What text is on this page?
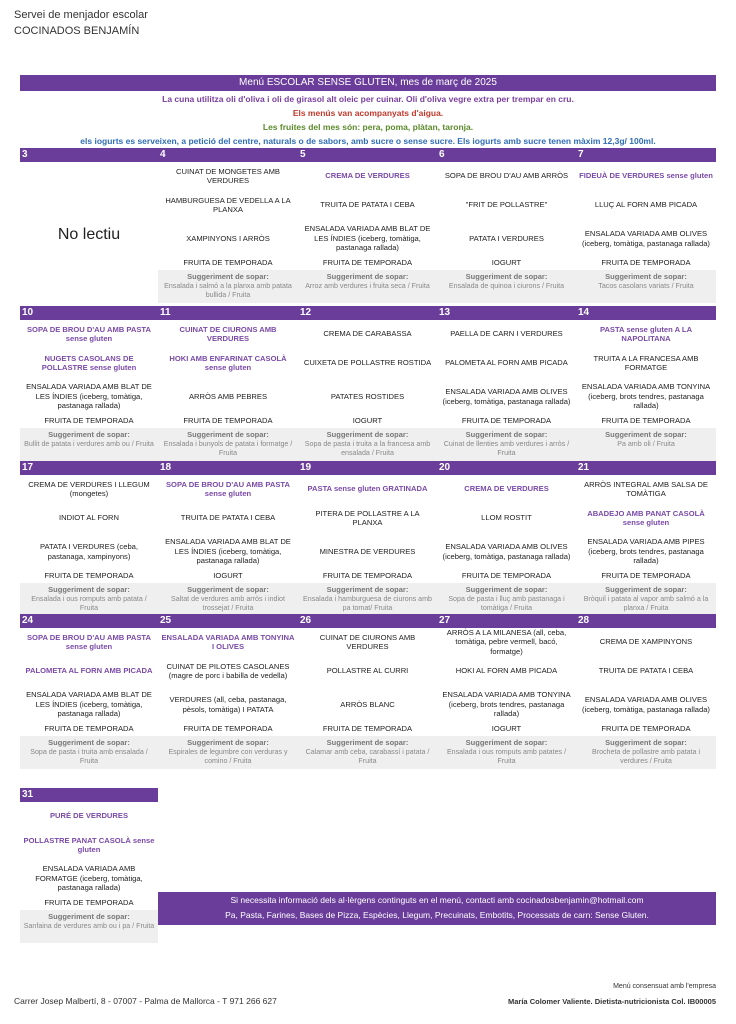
Servei de menjador escolar
COCINADOS BENJAMÍN
Menú ESCOLAR SENSE GLUTEN, mes de març de 2025
La cuna utilitza oli d'oliva i oli de girasol alt oleic per cuinar. Oli d'oliva vegre extra per trempar en cru.
Els menús van acompanyats d'aigua.
Les fruites del mes són: pera, poma, plàtan, taronja.
els iogurts es serveixen, a petició del centre, naturals o de sabors, amb sucre o sense sucre. Els iogurts amb sucre tenen màxim 12,3g/ 100ml.
3
No lectiu
4
CUINAT DE MONGETES AMB VERDURES
HAMBURGUESA DE VEDELLA A LA PLANXA
XAMPINYONS I ARRÒS
FRUITA DE TEMPORADA
Suggeriment de sopar:
Ensalada i salmó a la planxa amb patata bullida / Fruita
5
CREMA DE VERDURES
TRUITA DE PATATA I CEBA
ENSALADA VARIADA AMB BLAT DE LES ÍNDIES (iceberg, tomàtiga, pastanaga rallada)
FRUITA DE TEMPORADA
Suggeriment de sopar:
Arroz amb verdures i fruita seca / Fruita
6
SOPA DE BROU D'AU AMB ARRÒS
"FRIT DE POLLASTRE"
PATATA I VERDURES
IOGURT
Suggeriment de sopar:
Ensalada de quinoa i ciurons / Fruita
7
FIDEUÀ DE VERDURES sense gluten
LLUÇ AL FORN AMB PICADA
ENSALADA VARIADA AMB OLIVES (iceberg, tomàtiga, pastanaga rallada)
FRUITA DE TEMPORADA
Suggeriment de sopar:
Tacos casolans variats / Fruita
10
SOPA DE BROU D'AU AMB PASTA sense gluten
NUGETS CASOLANS DE POLLASTRE sense gluten
ENSALADA VARIADA AMB BLAT DE LES ÍNDIES (iceberg, tomàtiga, pastanaga rallada)
FRUITA DE TEMPORADA
Suggeriment de sopar:
Bullit de patata i verdures amb ou / Fruita
11
CUINAT DE CIURONS AMB VERDURES
HOKI AMB ENFARINAT CASOLÀ sense gluten
ARRÒS AMB PEBRES
FRUITA DE TEMPORADA
Suggeriment de sopar:
Ensalada i bunyols de patata i formatge / Fruita
12
CREMA DE CARABASSA
CUIXETA DE POLLASTRE ROSTIDA
PATATES ROSTIDES
IOGURT
Suggeriment de sopar:
Sopa de pasta i truita a la francesa amb ensalada / Fruita
13
PAELLA DE CARN I VERDURES
PALOMETA AL FORN AMB PICADA
ENSALADA VARIADA AMB OLIVES (iceberg, tomàtiga, pastanaga rallada)
FRUITA DE TEMPORADA
Suggeriment de sopar:
Cuinat de llenties amb verdures i arròs / Fruita
14
PASTA sense gluten A LA NAPOLITANA
TRUITA A LA FRANCESA AMB FORMATGE
ENSALADA VARIADA AMB TONYINA (iceberg, brots tendres, pastanaga rallada)
FRUITA DE TEMPORADA
Suggeriment de sopar:
Pa amb oli / Fruita
17
CREMA DE VERDURES I LLEGUM (mongetes)
INDIOT AL FORN
PATATA I VERDURES (ceba, pastanaga, xampinyons)
FRUITA DE TEMPORADA
Suggeriment de sopar:
Ensalada i ous romputs amb patata / Fruita
18
SOPA DE BROU D'AU AMB PASTA sense gluten
TRUITA DE PATATA I CEBA
ENSALADA VARIADA AMB BLAT DE LES ÍNDIES (iceberg, tomàtiga, pastanaga rallada)
IOGURT
Suggeriment de sopar:
Saltat de verdures amb arròs i indiot trossejat / Fruita
19
PASTA sense gluten GRATINADA
PITERA DE POLLASTRE A LA PLANXA
MINESTRA DE VERDURES
FRUITA DE TEMPORADA
Suggeriment de sopar:
Ensalada i hamburguesa de ciurons amb pa tomat/ Fruita
20
CREMA DE VERDURES
LLOM ROSTIT
ENSALADA VARIADA AMB OLIVES (iceberg, tomàtiga, pastanaga rallada)
FRUITA DE TEMPORADA
Suggeriment de sopar:
Sopa de pasta i lluç amb pastanaga i tomàtiga / Fruita
21
ARRÒS INTEGRAL AMB SALSA DE TOMÀTIGA
ABADEJO AMB PANAT CASOLÀ sense gluten
ENSALADA VARIADA AMB PIPES (iceberg, brots tendres, pastanaga rallada)
FRUITA DE TEMPORADA
Suggeriment de sopar:
Bròquil i patata al vapor amb salmó a la planxa / Fruita
24
SOPA DE BROU D'AU AMB PASTA sense gluten
PALOMETA AL FORN AMB PICADA
ENSALADA VARIADA AMB BLAT DE LES ÍNDIES (iceberg, tomàtiga, pastanaga rallada)
FRUITA DE TEMPORADA
Suggeriment de sopar:
Sopa de pasta i truita amb ensalada / Fruita
25
ENSALADA VARIADA AMB TONYINA I OLIVES
CUINAT DE PILOTES CASOLANES (magre de porc i babilla de vedella)
VERDURES (all, ceba, pastanaga, pèsols, tomàtiga) I PATATA
FRUITA DE TEMPORADA
Suggeriment de sopar:
Espirales de legumbre con verduras y comino / Fruita
26
CUINAT DE CIURONS AMB VERDURES
POLLASTRE AL CURRI
ARRÒS BLANC
FRUITA DE TEMPORADA
Suggeriment de sopar:
Calamar amb ceba, carabassí i patata / Fruita
27
ARRÒS A LA MILANESA (all, ceba, tomàtiga, pebre vermell, bacó, formatge)
HOKI AL FORN AMB PICADA
ENSALADA VARIADA AMB TONYINA (iceberg, brots tendres, pastanaga rallada)
IOGURT
Suggeriment de sopar:
Ensalada i ous romputs amb patates / Fruita
28
CREMA DE XAMPINYONS
TRUITA DE PATATA I CEBA
ENSALADA VARIADA AMB OLIVES (iceberg, tomàtiga, pastanaga rallada)
FRUITA DE TEMPORADA
Suggeriment de sopar:
Brocheta de pollastre amb patata i verdures / Fruita
31
PURÉ DE VERDURES
POLLASTRE PANAT CASOLÀ sense gluten
ENSALADA VARIADA AMB FORMATGE (iceberg, tomàtiga, pastanaga rallada)
FRUITA DE TEMPORADA
Suggeriment de sopar:
Sanfaina de verdures amb ou i pa / Fruita
Si necessita informació dels al·lèrgens continguts en el menú, contacti amb cocinadosbenjamin@hotmail.com
Pa, Pasta, Farines, Bases de Pizza, Espècies, Llegum, Precuinats, Embotits, Processats de carn: Sense Gluten.
Carrer Josep Malbertí, 8 - 07007 - Palma de Mallorca - T 971 266 627
Menú consensuat amb l'empresa
María Colomer Valiente. Dietista-nutricionista Col. IB00005
